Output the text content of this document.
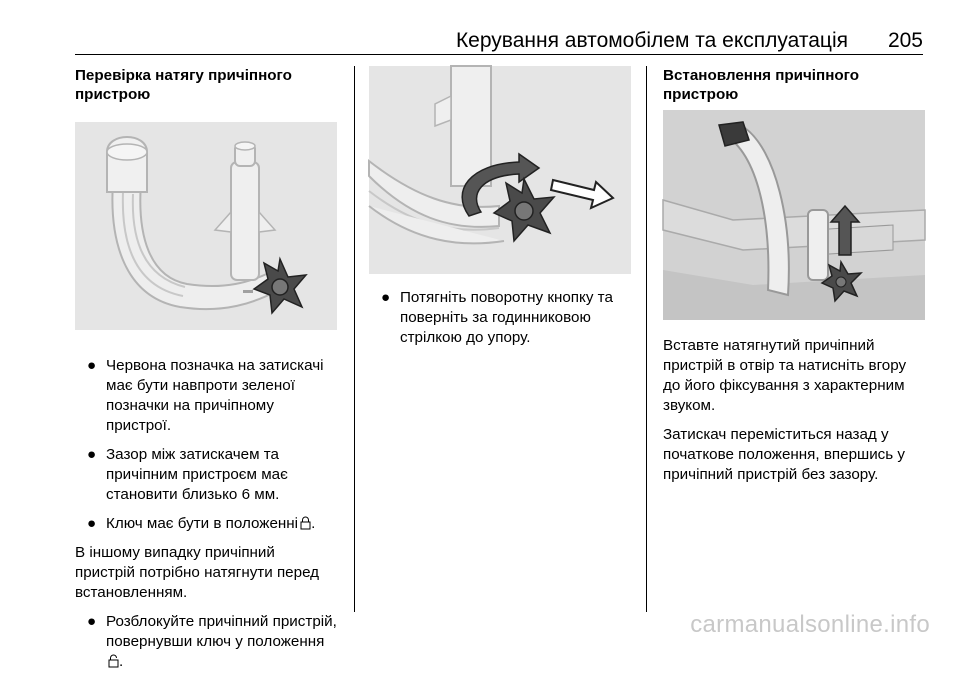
Керування автомобілем та експлуатація 205
Перевірка натягу причіпного пристрою
● Червона позначка на затискачі має бути навпроти зеленої позначки на причіпному пристрої.
● Зазор між затискачем та причіпним пристроєм має становити близько 6 мм.
● Ключ має бути в положенні .
В іншому випадку причіпний пристрій потрібно натягнути перед встановленням.
● Розблокуйте причіпний пристрій, повернувши ключ у положення .
● Потягніть поворотну кнопку та поверніть за годинниковою стрілкою до упору.
Встановлення причіпного пристрою
Вставте натягнутий причіпний пристрій в отвір та натисніть вгору до його фіксування з характерним звуком.
Затискач переміститься назад у початкове положення, впершись у причіпний пристрій без зазору.
carmanualsonline.info
